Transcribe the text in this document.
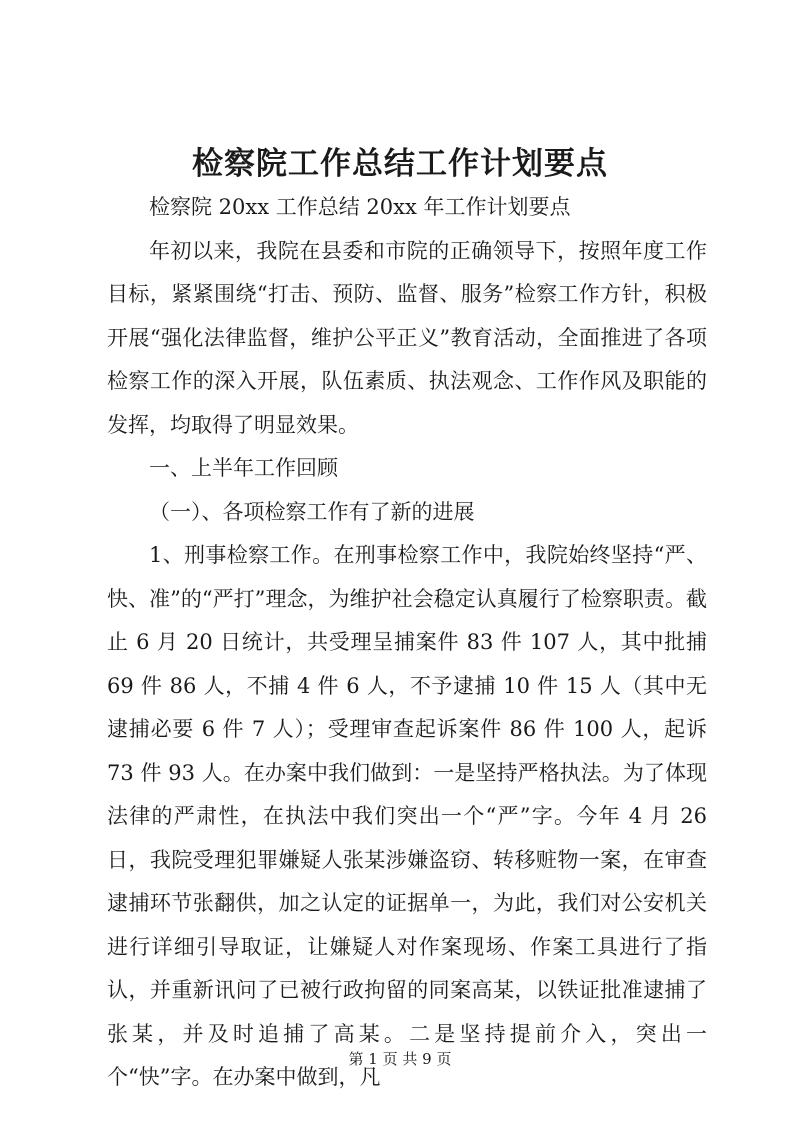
检察院工作总结工作计划要点

检察院 20xx 工作总结 20xx 年工作计划要点

年初以来，我院在县委和市院的正确领导下，按照年度工作目标，紧紧围绕“打击、预防、监督、服务”检察工作方针，积极开展“强化法律监督，维护公平正义”教育活动，全面推进了各项检察工作的深入开展，队伍素质、执法观念、工作作风及职能的发挥，均取得了明显效果。

一、上半年工作回顾

（一）、各项检察工作有了新的进展

1、刑事检察工作。在刑事检察工作中，我院始终坚持“严、快、准”的“严打”理念，为维护社会稳定认真履行了检察职责。截止 6 月 20 日统计，共受理呈捕案件 83 件 107 人，其中批捕 69 件 86 人，不捕 4 件 6 人，不予逮捕 10 件 15 人（其中无逮捕必要 6 件 7 人）；受理审查起诉案件 86 件 100 人，起诉 73 件 93 人。在办案中我们做到：一是坚持严格执法。为了体现法律的严肃性，在执法中我们突出一个“严”字。今年 4 月 26 日，我院受理犯罪嫌疑人张某涉嫌盗窃、转移赃物一案，在审查逮捕环节张翻供，加之认定的证据单一，为此，我们对公安机关进行详细引导取证，让嫌疑人对作案现场、作案工具进行了指认，并重新讯问了已被行政拘留的同案高某，以铁证批准逮捕了张某，并及时追捕了高某。二是坚持提前介入，突出一个“快”字。在办案中做到，凡

第 1 页 共 9 页
